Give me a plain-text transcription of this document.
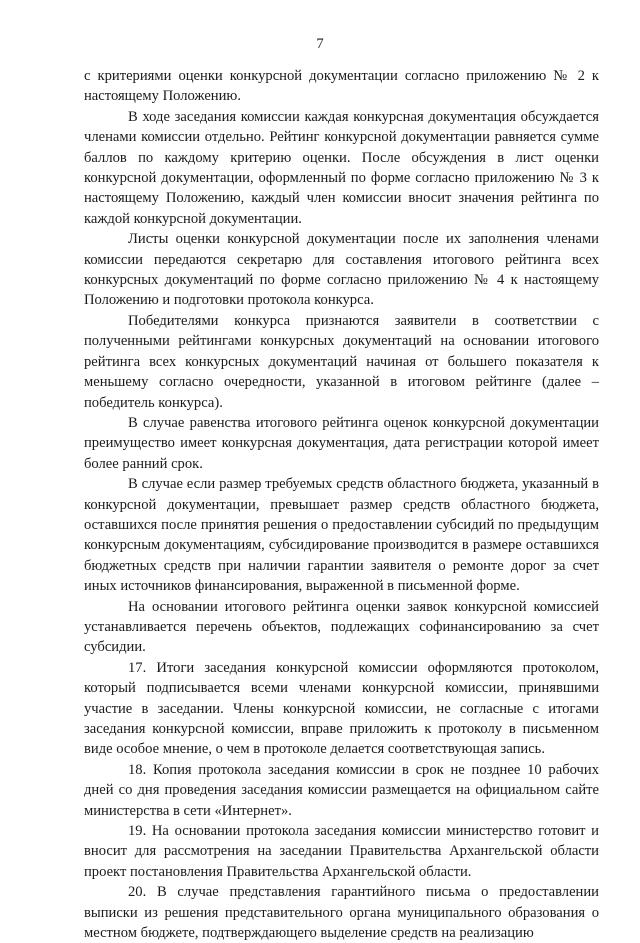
7

с критериями оценки конкурсной документации согласно приложению № 2 к настоящему Положению.

В ходе заседания комиссии каждая конкурсная документация обсуждается членами комиссии отдельно. Рейтинг конкурсной документации равняется сумме баллов по каждому критерию оценки. После обсуждения в лист оценки конкурсной документации, оформленный по форме согласно приложению № 3 к настоящему Положению, каждый член комиссии вносит значения рейтинга по каждой конкурсной документации.

Листы оценки конкурсной документации после их заполнения членами комиссии передаются секретарю для составления итогового рейтинга всех конкурсных документаций по форме согласно приложению № 4 к настоящему Положению и подготовки протокола конкурса.

Победителями конкурса признаются заявители в соответствии с полученными рейтингами конкурсных документаций на основании итогового рейтинга всех конкурсных документаций начиная от большего показателя к меньшему согласно очередности, указанной в итоговом рейтинге (далее – победитель конкурса).

В случае равенства итогового рейтинга оценок конкурсной документации преимущество имеет конкурсная документация, дата регистрации которой имеет более ранний срок.

В случае если размер требуемых средств областного бюджета, указанный в конкурсной документации, превышает размер средств областного бюджета, оставшихся после принятия решения о предоставлении субсидий по предыдущим конкурсным документациям, субсидирование производится в размере оставшихся бюджетных средств при наличии гарантии заявителя о ремонте дорог за счет иных источников финансирования, выраженной в письменной форме.

На основании итогового рейтинга оценки заявок конкурсной комиссией устанавливается перечень объектов, подлежащих софинансированию за счет субсидии.

17. Итоги заседания конкурсной комиссии оформляются протоколом, который подписывается всеми членами конкурсной комиссии, принявшими участие в заседании. Члены конкурсной комиссии, не согласные с итогами заседания конкурсной комиссии, вправе приложить к протоколу в письменном виде особое мнение, о чем в протоколе делается соответствующая запись.

18. Копия протокола заседания комиссии в срок не позднее 10 рабочих дней со дня проведения заседания комиссии размещается на официальном сайте министерства в сети «Интернет».

19. На основании протокола заседания комиссии министерство готовит и вносит для рассмотрения на заседании Правительства Архангельской области проект постановления Правительства Архангельской области.

20. В случае представления гарантийного письма о предоставлении выписки из решения представительного органа муниципального образования о местном бюджете, подтверждающего выделение средств на реализацию
